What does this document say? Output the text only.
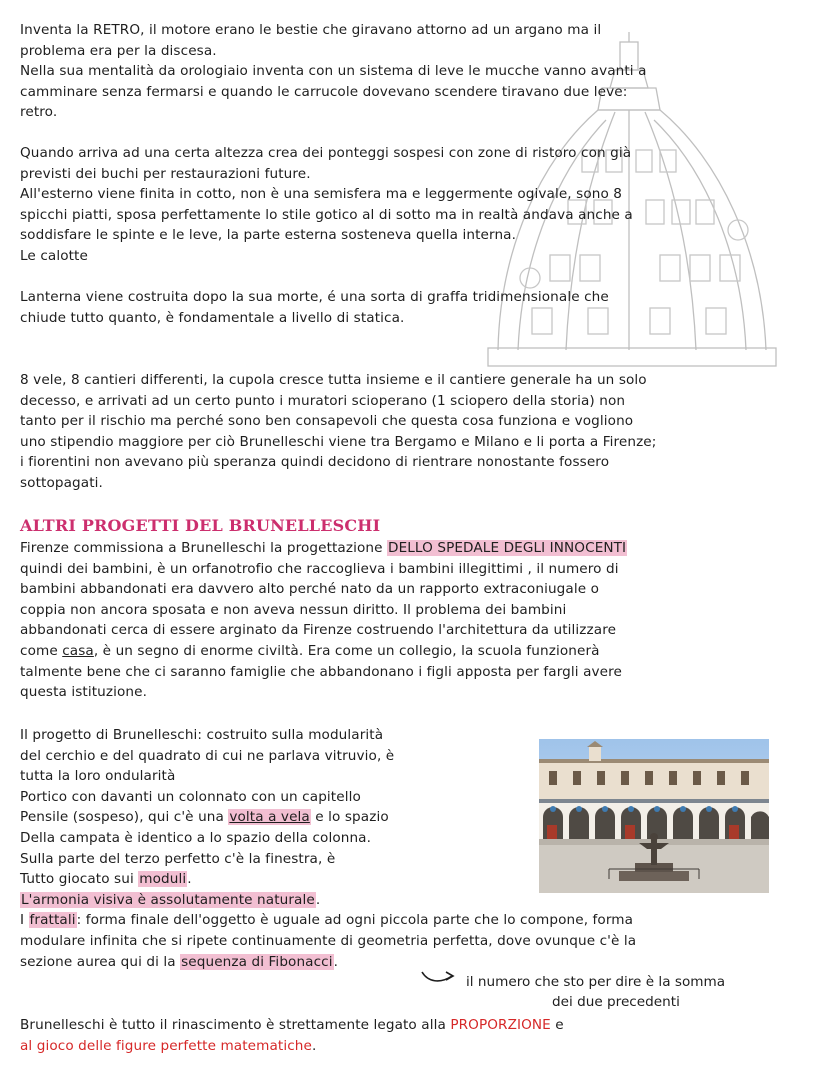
Inventa la RETRO, il motore erano le bestie che giravano attorno ad un argano ma il

problema era per la discesa.

Nella sua mentalità da orologiaio inventa con un sistema di leve le mucche vanno avanti a

camminare senza fermarsi e quando le carrucole dovevano scendere tiravano due leve:

retro.

Quando arriva ad una certa altezza crea dei ponteggi sospesi con zone di ristoro con già

previsti dei buchi per restaurazioni future.

All'esterno viene finita in cotto, non è una semisfera ma e leggermente ogivale, sono 8

spicchi piatti, sposa perfettamente lo stile gotico al di sotto ma in realtà andava anche a

soddisfare le spinte e le leve, la parte esterna sosteneva quella interna.

Le calotte

Lanterna viene costruita dopo la sua morte, é una sorta di graffa tridimensionale che

chiude tutto quanto, è fondamentale a livello di statica.

8 vele, 8 cantieri differenti, la cupola cresce tutta insieme e il cantiere generale ha un solo

decesso, e arrivati ad un certo punto i muratori scioperano (1 sciopero della storia) non

tanto per il rischio ma perché sono ben consapevoli che questa cosa funziona e vogliono

uno stipendio maggiore per ciò Brunelleschi viene tra Bergamo e Milano e li porta a Firenze;

i fiorentini non avevano più speranza quindi decidono di rientrare nonostante fossero

sottopagati.

ALTRI PROGETTI DEL BRUNELLESCHI

Firenze commissiona a Brunelleschi la progettazione DELLO SPEDALE DEGLI INNOCENTI

quindi dei bambini, è un orfanotrofio che raccoglieva i bambini illegittimi , il numero di

bambini abbandonati era davvero alto perché nato da un rapporto extraconiugale o

coppia non ancora sposata e non aveva nessun diritto. Il problema dei bambini

abbandonati cerca di essere arginato da Firenze costruendo l'architettura da utilizzare

come casa, è un segno di enorme civiltà. Era come un collegio, la scuola funzionerà

talmente bene che ci saranno famiglie che abbandonano i figli apposta per fargli avere

questa istituzione.

Il progetto di Brunelleschi: costruito sulla modularità

del cerchio e del quadrato di cui ne parlava vitruvio, è

tutta la loro ondularità

Portico con davanti un colonnato con un capitello

Pensile (sospeso), qui c'è una volta a vela e lo spazio

Della campata è identico a lo spazio della colonna.

Sulla parte del terzo perfetto c'è la finestra, è

Tutto giocato sui moduli.

L'armonia visiva è assolutamente naturale.

I frattali: forma finale dell'oggetto è uguale ad ogni piccola parte che lo compone, forma

modulare infinita che si ripete continuamente di geometria perfetta, dove ovunque c'è la

sezione aurea qui di la sequenza di Fibonacci.

il numero che sto per dire è la somma
dei due precedenti

Brunelleschi è tutto il rinascimento è strettamente legato alla PROPORZIONE e

al gioco delle figure perfette matematiche.
